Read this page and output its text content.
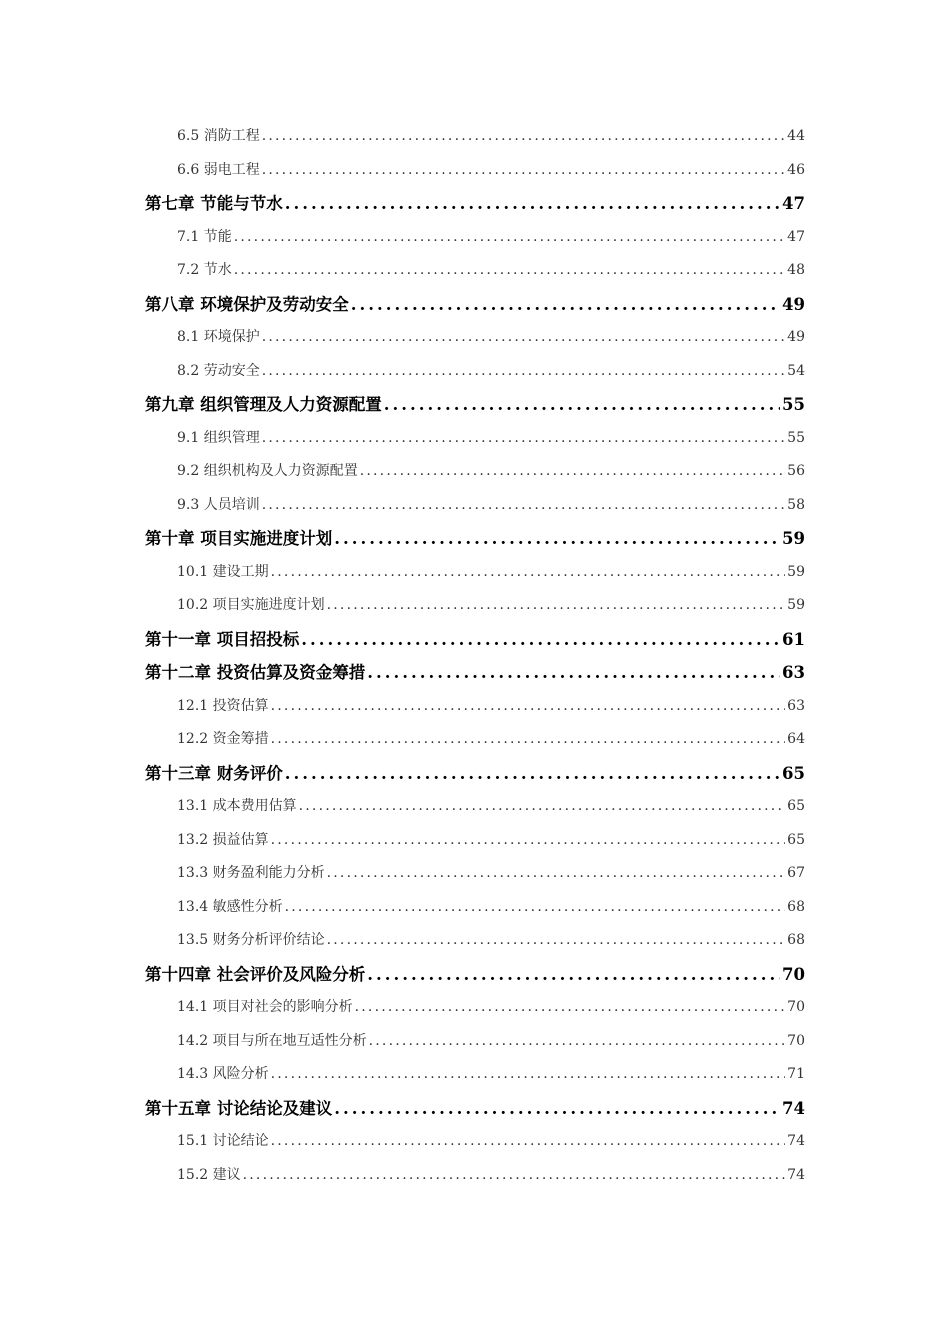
6.5 消防工程 .....	44
6.6 弱电工程 .....	46
第七章 节能与节水 .....	47
7.1 节能 .....	47
7.2 节水 .....	48
第八章 环境保护及劳动安全 .....	49
8.1 环境保护 .....	49
8.2 劳动安全 .....	54
第九章 组织管理及人力资源配置 .....	55
9.1 组织管理 .....	55
9.2 组织机构及人力资源配置 .....	56
9.3 人员培训 .....	58
第十章 项目实施进度计划 .....	59
10.1 建设工期 .....	59
10.2 项目实施进度计划 .....	59
第十一章 项目招投标 .....	61
第十二章 投资估算及资金筹措 .....	63
12.1 投资估算 .....	63
12.2 资金筹措 .....	64
第十三章 财务评价 .....	65
13.1 成本费用估算 .....	65
13.2 损益估算 .....	65
13.3 财务盈利能力分析 .....	67
13.4 敏感性分析 .....	68
13.5 财务分析评价结论 .....	68
第十四章 社会评价及风险分析 .....	70
14.1 项目对社会的影响分析 .....	70
14.2 项目与所在地互适性分析 .....	70
14.3 风险分析 .....	71
第十五章 讨论结论及建议 .....	74
15.1 讨论结论 .....	74
15.2 建议 .....	74
